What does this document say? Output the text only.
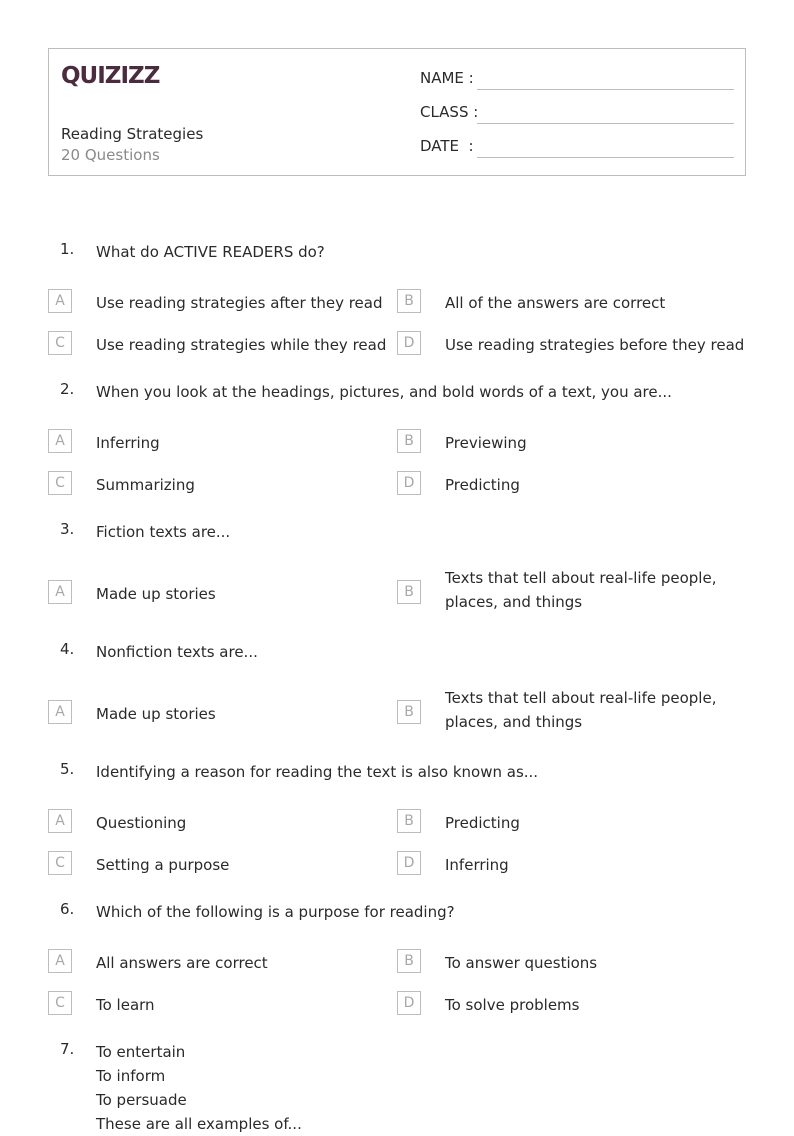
QUIZIZZ
Reading Strategies
20 Questions
NAME :
CLASS :
DATE  :
1. What do ACTIVE READERS do?
A	Use reading strategies after they read	B	All of the answers are correct
C	Use reading strategies while they read	D	Use reading strategies before they read
2. When you look at the headings, pictures, and bold words of a text, you are...
A	Inferring	B	Previewing
C	Summarizing	D	Predicting
3. Fiction texts are...
A	Made up stories	B
Texts that tell about real-life people, places, and things
4. Nonfiction texts are...
A	Made up stories	B
Texts that tell about real-life people, places, and things
5. Identifying a reason for reading the text is also known as...
A	Questioning	B	Predicting
C	Setting a purpose	D	Inferring
6. Which of the following is a purpose for reading?
A	All answers are correct	B	To answer questions
C	To learn	D	To solve problems
7. To entertain
To inform
To persuade
These are all examples of...
